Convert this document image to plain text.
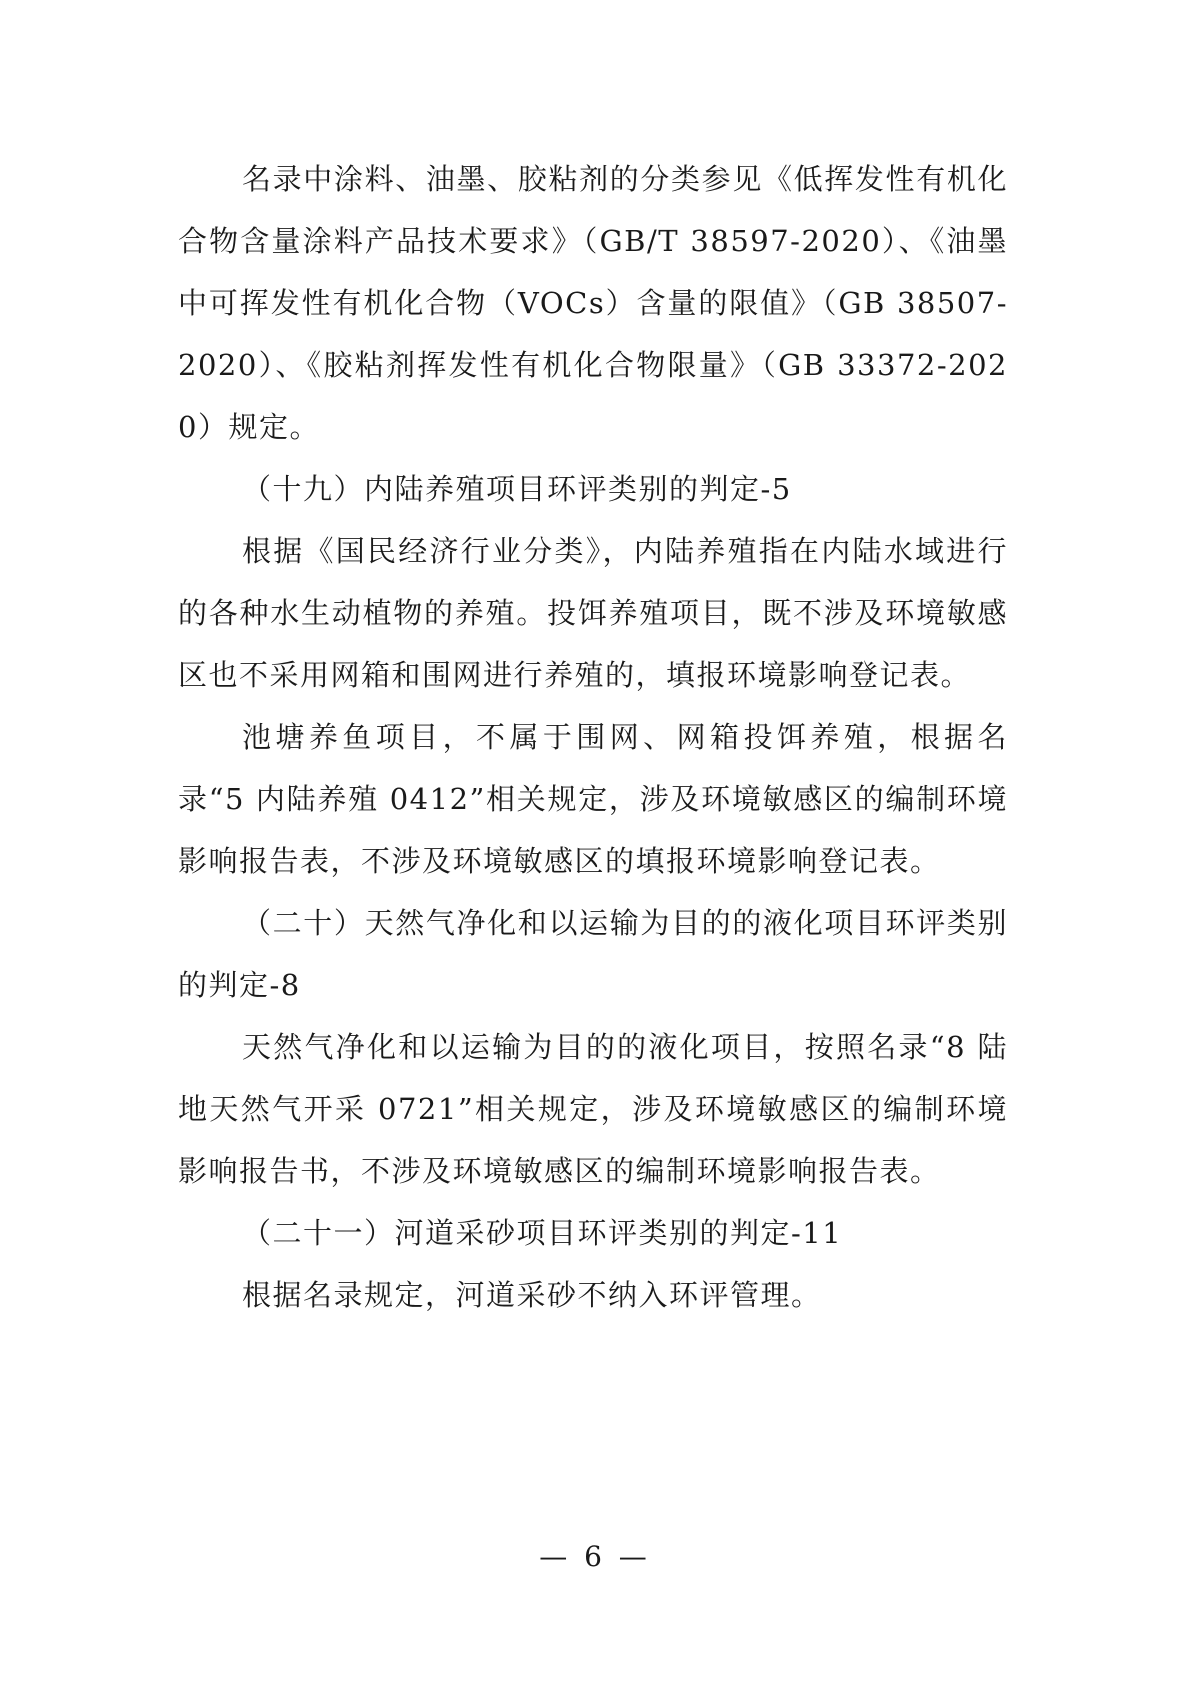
名录中涂料、油墨、胶粘剂的分类参见《低挥发性有机化合物含量涂料产品技术要求》（GB/T 38597-2020）、《油墨中可挥发性有机化合物（VOCs）含量的限值》（GB 38507-2020）、《胶粘剂挥发性有机化合物限量》（GB 33372-2020）规定。

（十九）内陆养殖项目环评类别的判定-5

根据《国民经济行业分类》，内陆养殖指在内陆水域进行的各种水生动植物的养殖。投饵养殖项目，既不涉及环境敏感区也不采用网箱和围网进行养殖的，填报环境影响登记表。

池塘养鱼项目，不属于围网、网箱投饵养殖，根据名录“5 内陆养殖 0412”相关规定，涉及环境敏感区的编制环境影响报告表，不涉及环境敏感区的填报环境影响登记表。

（二十）天然气净化和以运输为目的的液化项目环评类别的判定-8

天然气净化和以运输为目的的液化项目，按照名录“8 陆地天然气开采 0721”相关规定，涉及环境敏感区的编制环境影响报告书，不涉及环境敏感区的编制环境影响报告表。

（二十一）河道采砂项目环评类别的判定-11

根据名录规定，河道采砂不纳入环评管理。

— 6 —
